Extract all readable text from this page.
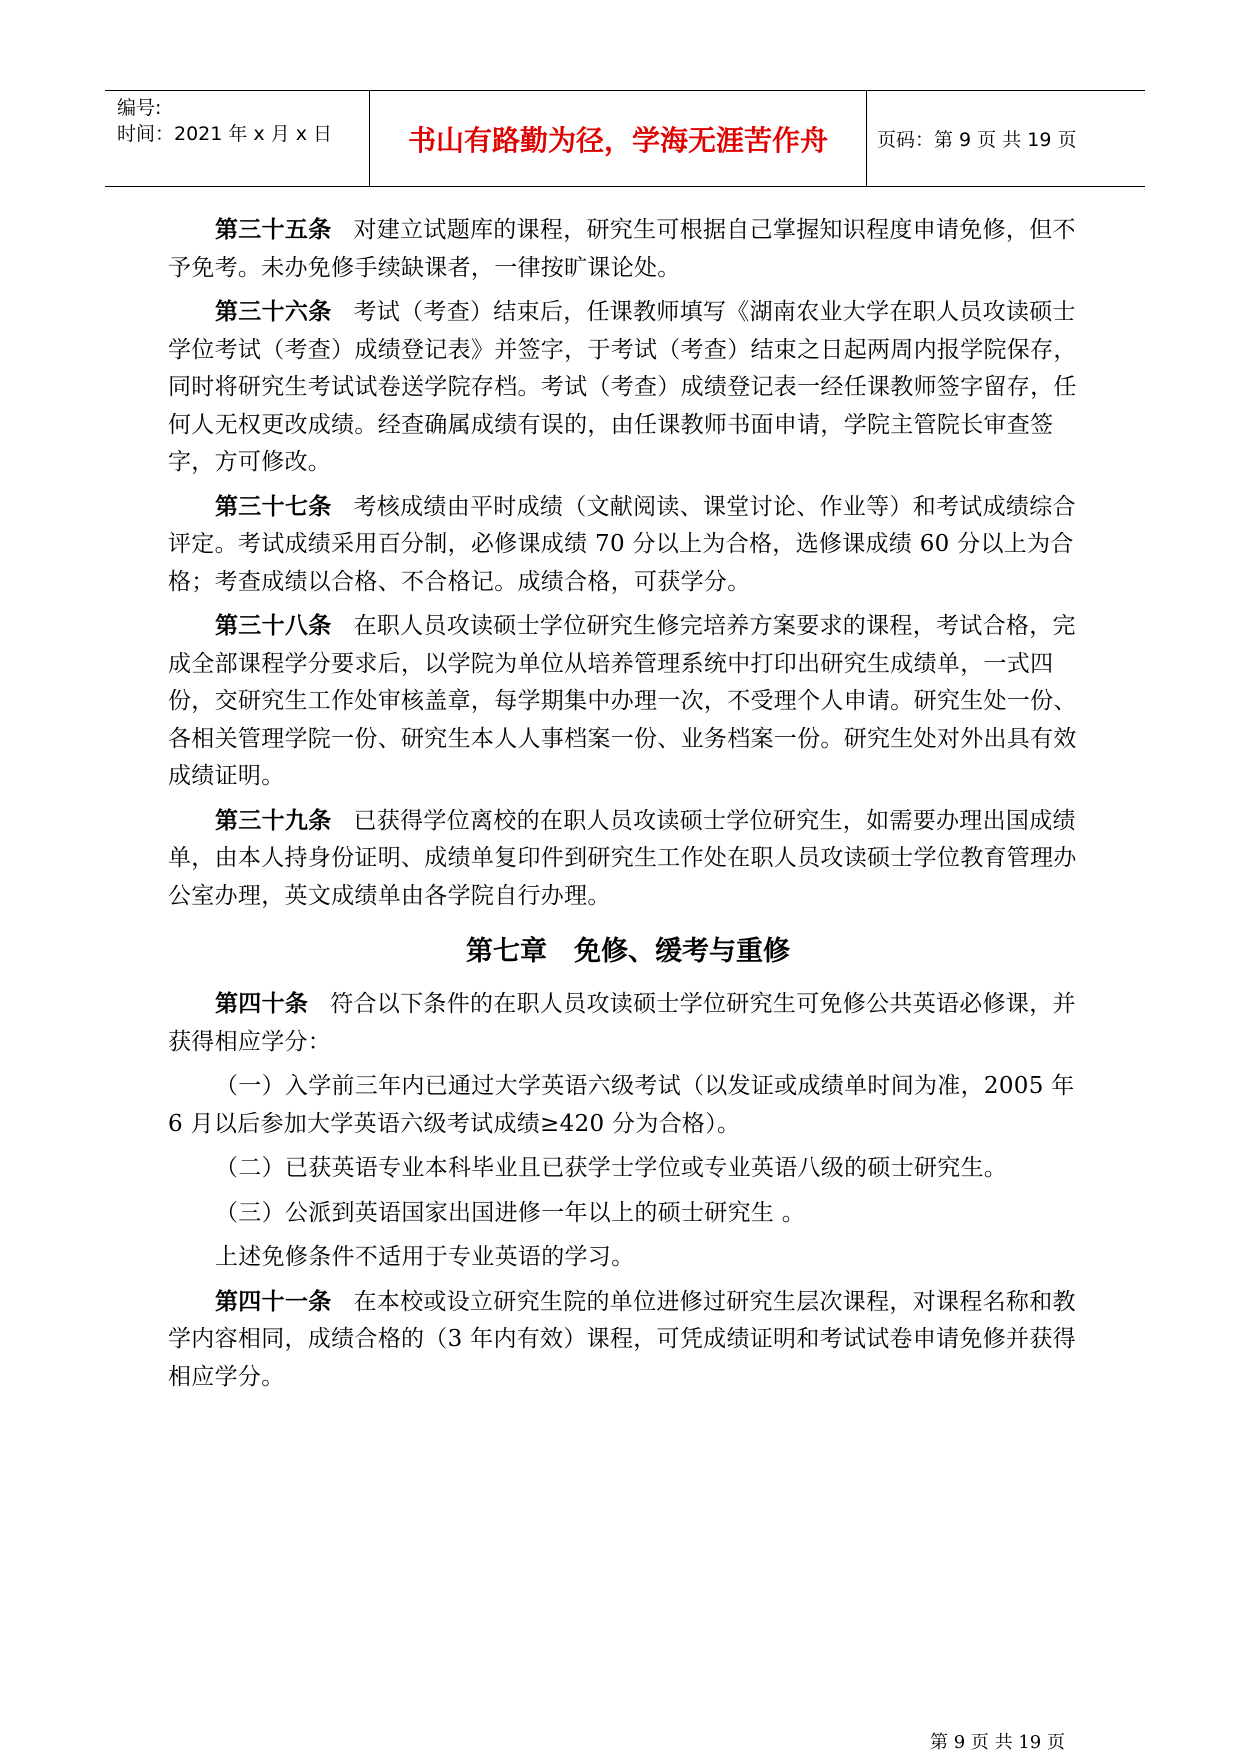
编号:
时间：2021 年 x 月 x 日	书山有路勤为径，学海无涯苦作舟	页码：第 9 页 共 19 页

第三十五条 对建立试题库的课程，研究生可根据自己掌握知识程度申请免修，但不予免考。未办免修手续缺课者，一律按旷课论处。

第三十六条 考试（考查）结束后，任课教师填写《湖南农业大学在职人员攻读硕士学位考试（考查）成绩登记表》并签字，于考试（考查）结束之日起两周内报学院保存，同时将研究生考试试卷送学院存档。考试（考查）成绩登记表一经任课教师签字留存，任何人无权更改成绩。经查确属成绩有误的，由任课教师书面申请，学院主管院长审查签字，方可修改。

第三十七条 考核成绩由平时成绩（文献阅读、课堂讨论、作业等）和考试成绩综合评定。考试成绩采用百分制，必修课成绩 70 分以上为合格，选修课成绩 60 分以上为合格；考查成绩以合格、不合格记。成绩合格，可获学分。

第三十八条 在职人员攻读硕士学位研究生修完培养方案要求的课程，考试合格，完成全部课程学分要求后，以学院为单位从培养管理系统中打印出研究生成绩单，一式四份，交研究生工作处审核盖章，每学期集中办理一次，不受理个人申请。研究生处一份、各相关管理学院一份、研究生本人人事档案一份、业务档案一份。研究生处对外出具有效成绩证明。

第三十九条 已获得学位离校的在职人员攻读硕士学位研究生，如需要办理出国成绩单，由本人持身份证明、成绩单复印件到研究生工作处在职人员攻读硕士学位教育管理办公室办理，英文成绩单由各学院自行办理。

第七章　免修、缓考与重修

第四十条 符合以下条件的在职人员攻读硕士学位研究生可免修公共英语必修课，并获得相应学分：

（一）入学前三年内已通过大学英语六级考试（以发证或成绩单时间为准，2005 年 6 月以后参加大学英语六级考试成绩≥420 分为合格）。

（二）已获英语专业本科毕业且已获学士学位或专业英语八级的硕士研究生。

（三）公派到英语国家出国进修一年以上的硕士研究生 。

上述免修条件不适用于专业英语的学习。

第四十一条 在本校或设立研究生院的单位进修过研究生层次课程，对课程名称和教学内容相同，成绩合格的（3 年内有效）课程，可凭成绩证明和考试试卷申请免修并获得相应学分。

第 9 页 共 19 页
